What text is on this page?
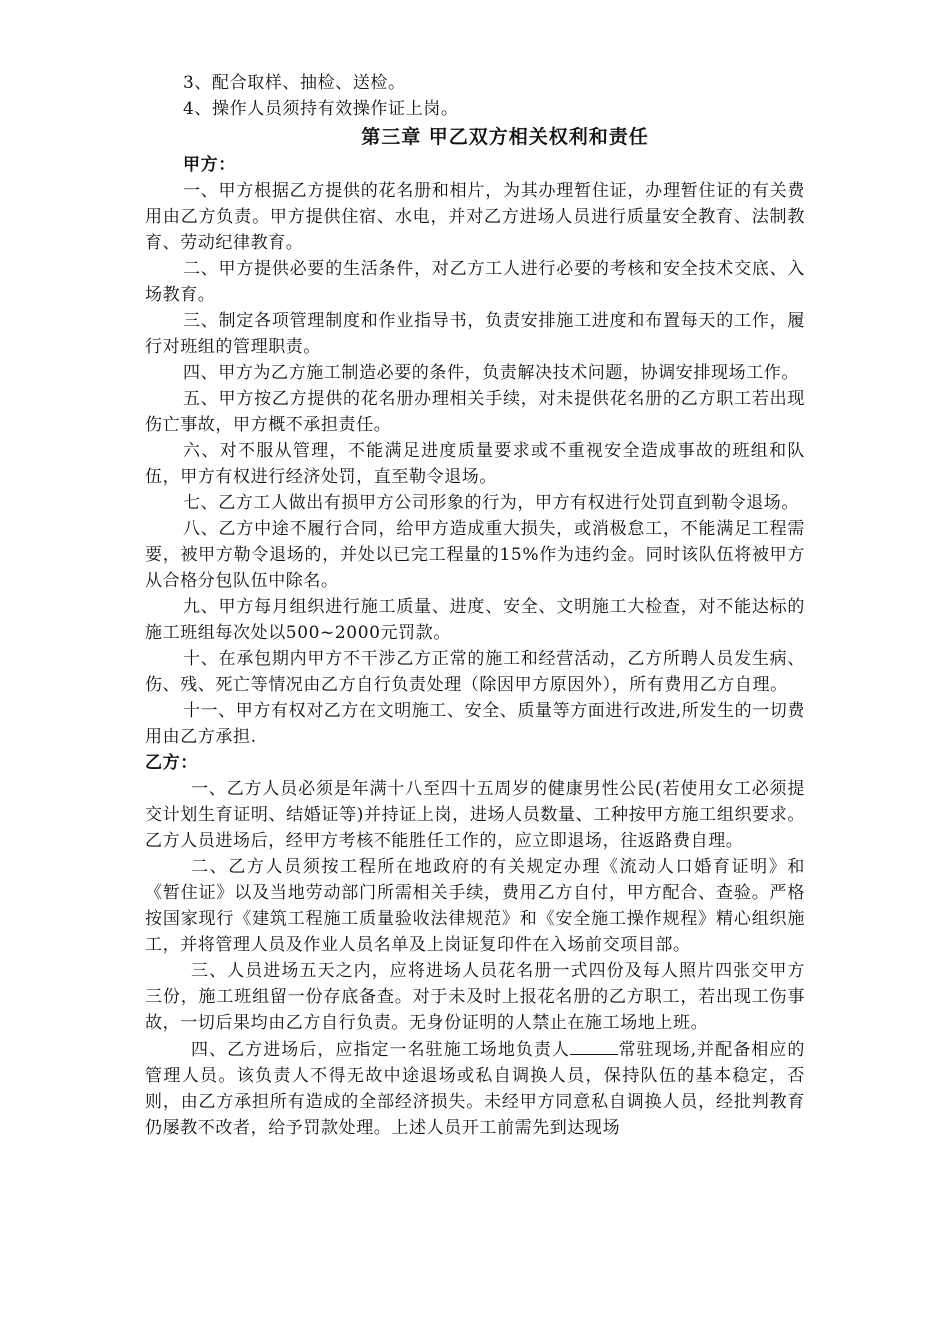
3、配合取样、抽检、送检。

4、操作人员须持有效操作证上岗。

第三章 甲乙双方相关权利和责任

甲方：

一、甲方根据乙方提供的花名册和相片，为其办理暂住证，办理暂住证的有关费用由乙方负责。甲方提供住宿、水电，并对乙方进场人员进行质量安全教育、法制教育、劳动纪律教育。

二、甲方提供必要的生活条件，对乙方工人进行必要的考核和安全技术交底、入场教育。

三、制定各项管理制度和作业指导书，负责安排施工进度和布置每天的工作，履行对班组的管理职责。

四、甲方为乙方施工制造必要的条件，负责解决技术问题，协调安排现场工作。

五、甲方按乙方提供的花名册办理相关手续，对未提供花名册的乙方职工若出现伤亡事故，甲方概不承担责任。

六、对不服从管理，不能满足进度质量要求或不重视安全造成事故的班组和队伍，甲方有权进行经济处罚，直至勒令退场。

七、乙方工人做出有损甲方公司形象的行为，甲方有权进行处罚直到勒令退场。

八、乙方中途不履行合同，给甲方造成重大损失，或消极怠工，不能满足工程需要，被甲方勒令退场的，并处以已完工程量的15%作为违约金。同时该队伍将被甲方从合格分包队伍中除名。

九、甲方每月组织进行施工质量、进度、安全、文明施工大检查，对不能达标的施工班组每次处以500~2000元罚款。

十、在承包期内甲方不干涉乙方正常的施工和经营活动，乙方所聘人员发生病、伤、残、死亡等情况由乙方自行负责处理（除因甲方原因外），所有费用乙方自理。

十一、甲方有权对乙方在文明施工、安全、质量等方面进行改进,所发生的一切费用由乙方承担.

乙方：

一、乙方人员必须是年满十八至四十五周岁的健康男性公民(若使用女工必须提交计划生育证明、结婚证等)并持证上岗，进场人员数量、工种按甲方施工组织要求。乙方人员进场后，经甲方考核不能胜任工作的，应立即退场，往返路费自理。

二、乙方人员须按工程所在地政府的有关规定办理《流动人口婚育证明》和《暂住证》以及当地劳动部门所需相关手续，费用乙方自付，甲方配合、查验。严格按国家现行《建筑工程施工质量验收法律规范》和《安全施工操作规程》精心组织施工，并将管理人员及作业人员名单及上岗证复印件在入场前交项目部。

三、人员进场五天之内，应将进场人员花名册一式四份及每人照片四张交甲方三份，施工班组留一份存底备查。对于未及时上报花名册的乙方职工，若出现工伤事故，一切后果均由乙方自行负责。无身份证明的人禁止在施工场地上班。

四、乙方进场后，应指定一名驻施工场地负责人	常驻现场,并配备相应的管理人员。该负责人不得无故中途退场或私自调换人员，保持队伍的基本稳定，否则，由乙方承担所有造成的全部经济损失。未经甲方同意私自调换人员，经批判教育仍屡教不改者，给予罚款处理。上述人员开工前需先到达现场
